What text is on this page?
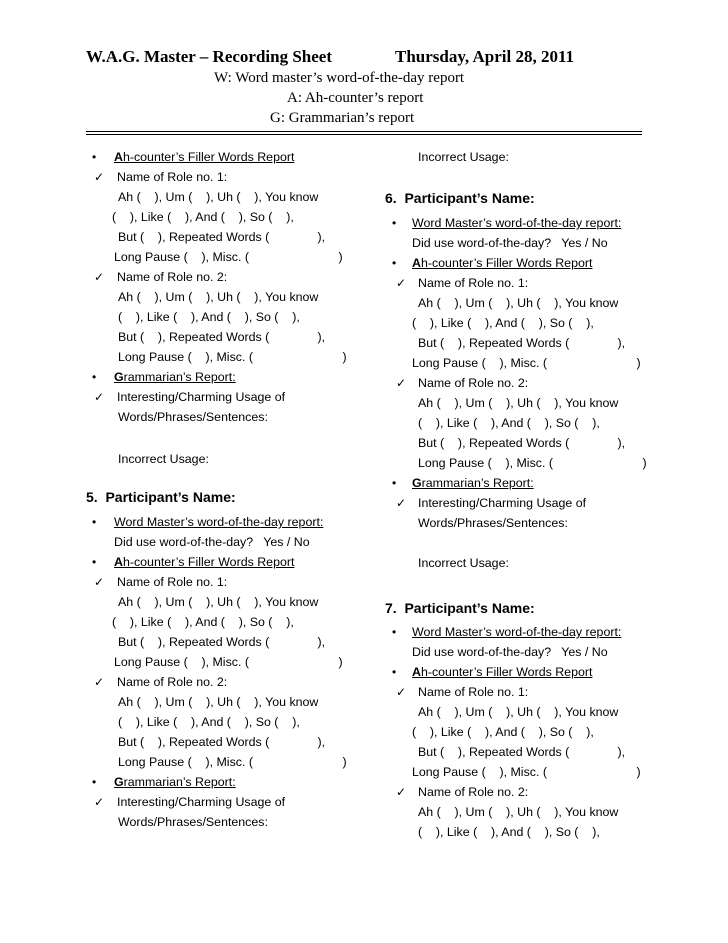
W.A.G. Master – Recording Sheet	Thursday, April 28, 2011
W: Word master’s word-of-the-day report
A: Ah-counter’s report
G: Grammarian’s report
• Ah-counter’s Filler Words Report
✓ Name of Role no. 1:
Ah (    ), Um (    ), Uh (    ), You know
(    ), Like (    ), And (    ), So (    ),
But (    ), Repeated Words (              ),
Long Pause (    ), Misc. (                          )
✓ Name of Role no. 2:
Ah (    ), Um (    ), Uh (    ), You know
(    ), Like (    ), And (    ), So (    ),
But (    ), Repeated Words (              ),
Long Pause (    ), Misc. (                          )
• Grammarian’s Report:
✓ Interesting/Charming Usage of
Words/Phrases/Sentences:
Incorrect Usage:
5.  Participant’s Name:
• Word Master’s word-of-the-day report:
Did use word-of-the-day?   Yes / No
• Ah-counter’s Filler Words Report
✓ Name of Role no. 1:
Ah (    ), Um (    ), Uh (    ), You know
(    ), Like (    ), And (    ), So (    ),
But (    ), Repeated Words (              ),
Long Pause (    ), Misc. (                          )
✓ Name of Role no. 2:
Ah (    ), Um (    ), Uh (    ), You know
(    ), Like (    ), And (    ), So (    ),
But (    ), Repeated Words (              ),
Long Pause (    ), Misc. (                          )
• Grammarian’s Report:
✓ Interesting/Charming Usage of
Words/Phrases/Sentences:
Incorrect Usage:
6.  Participant’s Name:
• Word Master’s word-of-the-day report:
Did use word-of-the-day?   Yes / No
• Ah-counter’s Filler Words Report
✓ Name of Role no. 1:
Ah (    ), Um (    ), Uh (    ), You know
(    ), Like (    ), And (    ), So (    ),
But (    ), Repeated Words (              ),
Long Pause (    ), Misc. (                          )
✓ Name of Role no. 2:
Ah (    ), Um (    ), Uh (    ), You know
(    ), Like (    ), And (    ), So (    ),
But (    ), Repeated Words (              ),
Long Pause (    ), Misc. (                          )
• Grammarian’s Report:
✓ Interesting/Charming Usage of
Words/Phrases/Sentences:
Incorrect Usage:
7.  Participant’s Name:
• Word Master’s word-of-the-day report:
Did use word-of-the-day?   Yes / No
• Ah-counter’s Filler Words Report
✓ Name of Role no. 1:
Ah (    ), Um (    ), Uh (    ), You know
(    ), Like (    ), And (    ), So (    ),
But (    ), Repeated Words (              ),
Long Pause (    ), Misc. (                          )
✓ Name of Role no. 2:
Ah (    ), Um (    ), Uh (    ), You know
(    ), Like (    ), And (    ), So (    ),
